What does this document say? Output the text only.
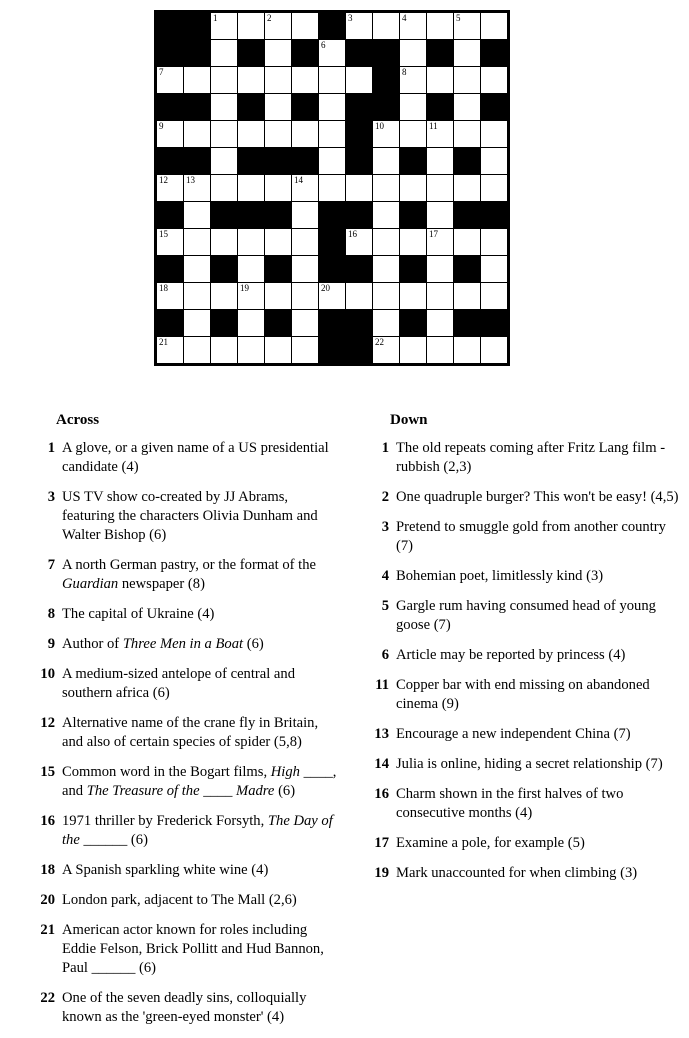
		1		2			3		4		5	

						6						

7									8			

9								10		11		

12	13				14							

15							16			17		

18			19			20						

21								22				

Across
1 A glove, or a given name of a US presidential candidate (4)
3 US TV show co-created by JJ Abrams, featuring the characters Olivia Dunham and Walter Bishop (6)
7 A north German pastry, or the format of the Guardian newspaper (8)
8 The capital of Ukraine (4)
9 Author of Three Men in a Boat (6)
10 A medium-sized antelope of central and southern africa (6)
12 Alternative name of the crane fly in Britain, and also of certain species of spider (5,8)
15 Common word in the Bogart films, High ____, and The Treasure of the ____ Madre (6)
16 1971 thriller by Frederick Forsyth, The Day of the ______ (6)
18 A Spanish sparkling white wine (4)
20 London park, adjacent to The Mall (2,6)
21 American actor known for roles including Eddie Felson, Brick Pollitt and Hud Bannon, Paul ______ (6)
22 One of the seven deadly sins, colloquially known as the 'green-eyed monster' (4)
Down
1 The old repeats coming after Fritz Lang film - rubbish (2,3)
2 One quadruple burger? This won't be easy! (4,5)
3 Pretend to smuggle gold from another country (7)
4 Bohemian poet, limitlessly kind (3)
5 Gargle rum having consumed head of young goose (7)
6 Article may be reported by princess (4)
11 Copper bar with end missing on abandoned cinema (9)
13 Encourage a new independent China (7)
14 Julia is online, hiding a secret relationship (7)
16 Charm shown in the first halves of two consecutive months (4)
17 Examine a pole, for example (5)
19 Mark unaccounted for when climbing (3)
